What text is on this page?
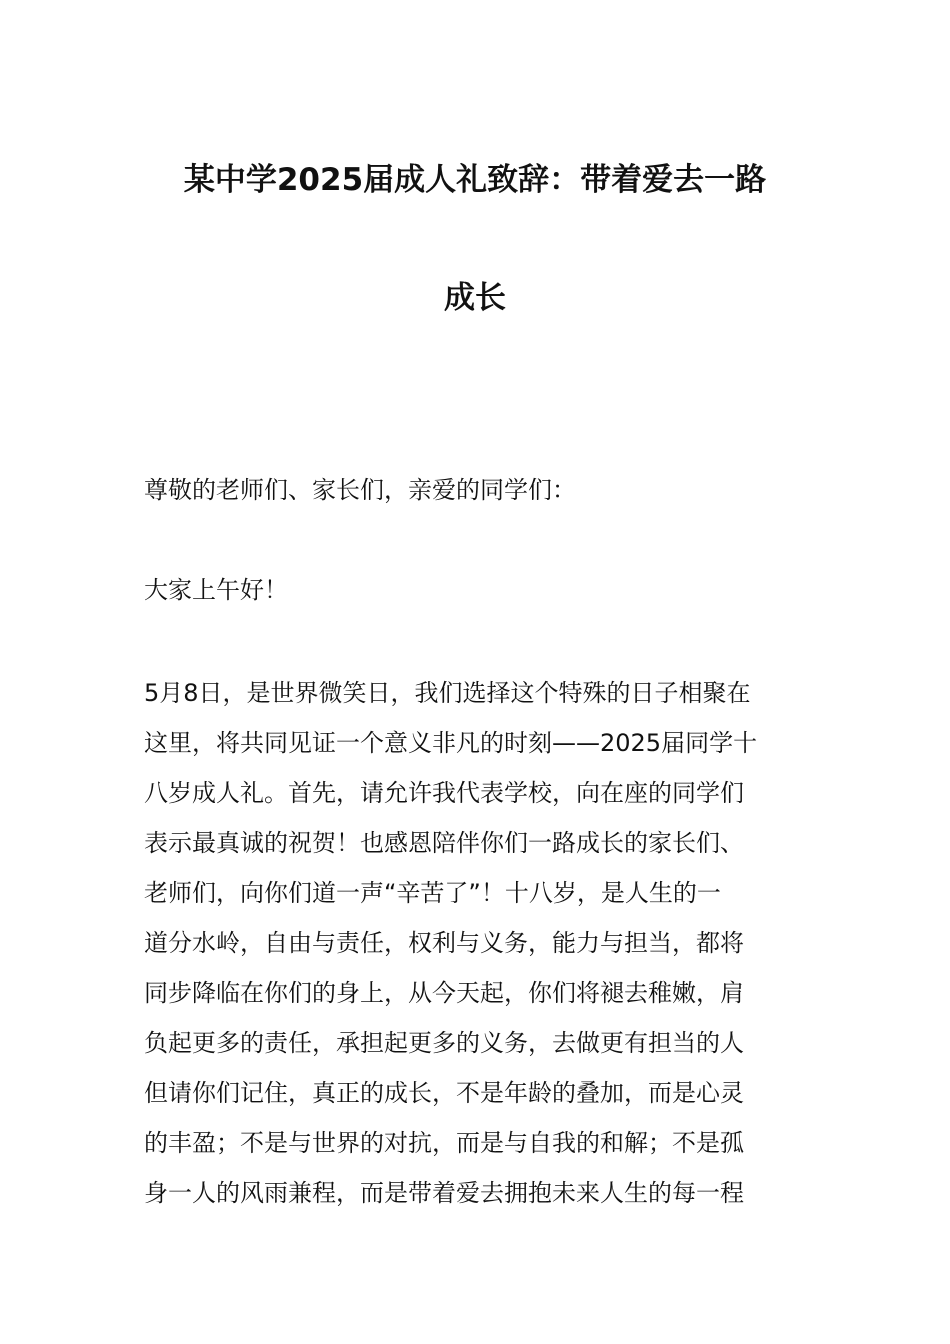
某中学2025届成人礼致辞：带着爱去一路
成长
尊敬的老师们、家长们，亲爱的同学们：
大家上午好！
5月8日，是世界微笑日，我们选择这个特殊的日子相聚在
这里，将共同见证一个意义非凡的时刻——2025届同学十
八岁成人礼。首先，请允许我代表学校，向在座的同学们
表示最真诚的祝贺！也感恩陪伴你们一路成长的家长们、
老师们，向你们道一声“辛苦了”！十八岁，是人生的一
道分水岭，自由与责任，权利与义务，能力与担当，都将
同步降临在你们的身上，从今天起，你们将褪去稚嫩，肩
负起更多的责任，承担起更多的义务，去做更有担当的人
但请你们记住，真正的成长，不是年龄的叠加，而是心灵
的丰盈；不是与世界的对抗，而是与自我的和解；不是孤
身一人的风雨兼程，而是带着爱去拥抱未来人生的每一程
